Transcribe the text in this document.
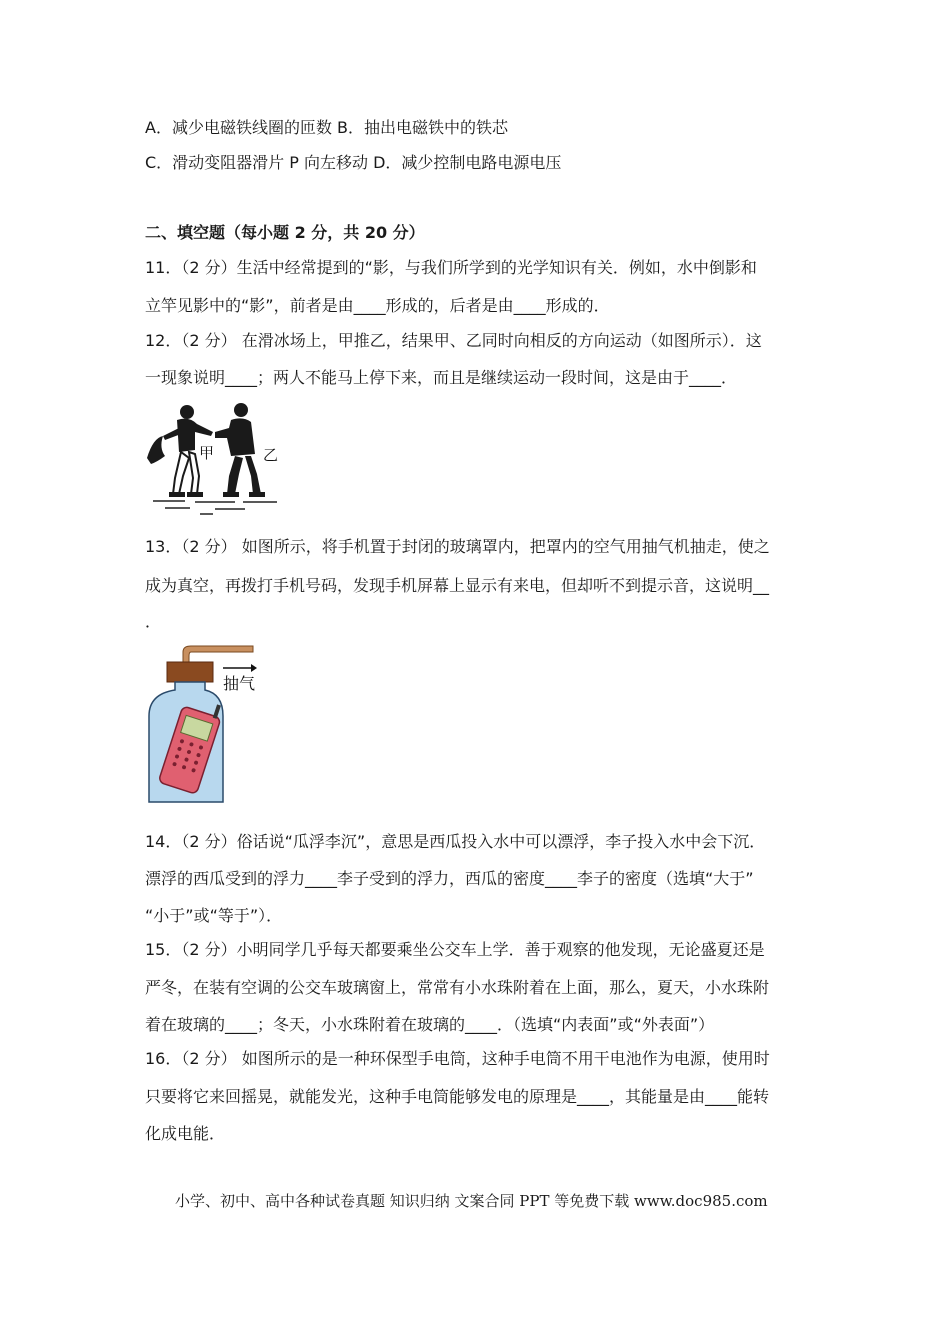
A．减少电磁铁线圈的匝数 B．抽出电磁铁中的铁芯
C．滑动变阻器滑片 P 向左移动 D．减少控制电路电源电压
二、填空题（每小题 2 分，共 20 分）
11．（2 分）生活中经常提到的“影，与我们所学到的光学知识有关．例如，水中倒影和
立竿见影中的“影”，前者是由____形成的，后者是由____形成的．
12．（2 分） 在滑冰场上，甲推乙，结果甲、乙同时向相反的方向运动（如图所示）．这
一现象说明____；两人不能马上停下来，而且是继续运动一段时间，这是由于____．
甲	乙
13．（2 分） 如图所示，将手机置于封闭的玻璃罩内，把罩内的空气用抽气机抽走，使之
成为真空，再拨打手机号码，发现手机屏幕上显示有来电，但却听不到提示音，这说明__
．
抽气
14．（2 分）俗话说“瓜浮李沉”，意思是西瓜投入水中可以漂浮，李子投入水中会下沉．
漂浮的西瓜受到的浮力____李子受到的浮力，西瓜的密度____李子的密度（选填“大于”
“小于”或“等于”）．
15．（2 分）小明同学几乎每天都要乘坐公交车上学．善于观察的他发现，无论盛夏还是
严冬，在装有空调的公交车玻璃窗上，常常有小水珠附着在上面，那么，夏天，小水珠附
着在玻璃的____；冬天，小水珠附着在玻璃的____．（选填“内表面”或“外表面”）
16．（2 分） 如图所示的是一种环保型手电筒，这种手电筒不用干电池作为电源，使用时
只要将它来回摇晃，就能发光，这种手电筒能够发电的原理是____，其能量是由____能转
化成电能．
小学、初中、高中各种试卷真题 知识归纳 文案合同 PPT 等免费下载 www.doc985.com
